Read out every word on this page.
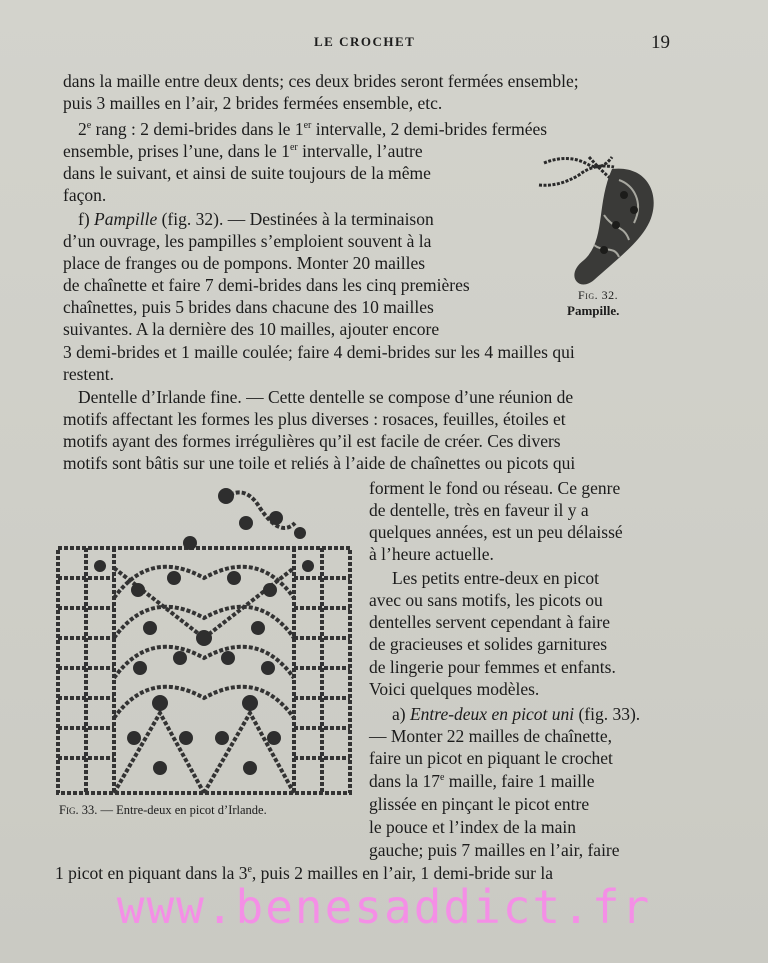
LE CROCHET	19
dans la maille entre deux dents; ces deux brides seront fermées ensemble;
puis 3 mailles en l’air, 2 brides fermées ensemble, etc.
2e rang : 2 demi-brides dans le 1er intervalle, 2 demi-brides fermées
ensemble, prises l’une, dans le 1er intervalle, l’autre
dans le suivant, et ainsi de suite toujours de la même
façon.
f) Pampille (fig. 32). — Destinées à la terminaison
d’un ouvrage, les pampilles s’emploient souvent à la
place de franges ou de pompons. Monter 20 mailles
de chaînette et faire 7 demi-brides dans les cinq premières
chaînettes, puis 5 brides dans chacune des 10 mailles
suivantes. A la dernière des 10 mailles, ajouter encore
3 demi-brides et 1 maille coulée; faire 4 demi-brides sur les 4 mailles qui
restent.
Fig. 32.
Pampille.
Dentelle d’Irlande fine. — Cette dentelle se compose d’une réunion de
motifs affectant les formes les plus diverses : rosaces, feuilles, étoiles et
motifs ayant des formes irrégulières qu’il est facile de créer. Ces divers
motifs sont bâtis sur une toile et reliés à l’aide de chaînettes ou picots qui
forment le fond ou réseau. Ce genre
de dentelle, très en faveur il y a
quelques années, est un peu délaissé
à l’heure actuelle.
Les petits entre-deux en picot
avec ou sans motifs, les picots ou
dentelles servent cependant à faire
de gracieuses et solides garnitures
de lingerie pour femmes et enfants.
Voici quelques modèles.
a) Entre-deux en picot uni (fig. 33).
— Monter 22 mailles de chaînette,
faire un picot en piquant le crochet
dans la 17e maille, faire 1 maille
glissée en pinçant le picot entre
le pouce et l’index de la main
gauche; puis 7 mailles en l’air, faire
1 picot en piquant dans la 3e, puis 2 mailles en l’air, 1 demi-bride sur la
Fig. 33. — Entre-deux en picot d’Irlande.
www.benesaddict.fr
